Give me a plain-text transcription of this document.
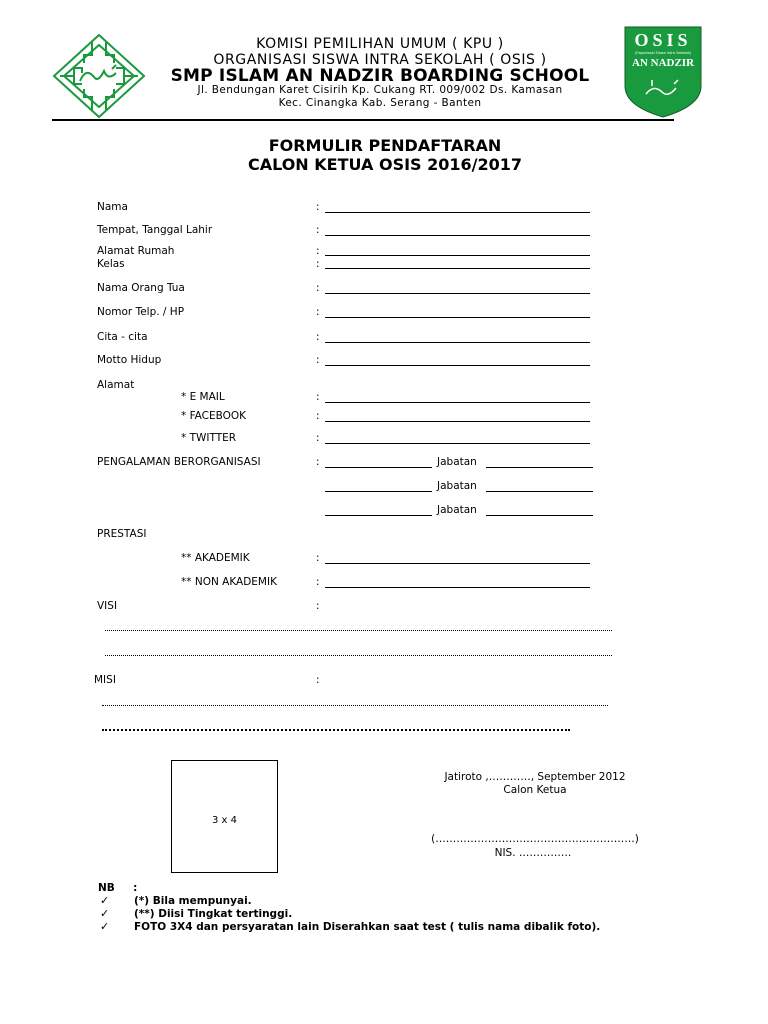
OSIS
(Organisasi Siswa Intra Sekolah)
AN NADZIR
KOMISI PEMILIHAN UMUM ( KPU )
ORGANISASI SISWA INTRA SEKOLAH ( OSIS )
SMP ISLAM AN NADZIR BOARDING SCHOOL
Jl. Bendungan Karet Cisirih Kp. Cukang RT. 009/002 Ds. Kamasan
Kec. Cinangka Kab. Serang - Banten
FORMULIR PENDAFTARAN
CALON KETUA OSIS 2016/2017
Nama	:
Tempat, Tanggal Lahir	:
Alamat Rumah	:
Kelas	:
Nama Orang Tua	:
Nomor Telp. / HP	:
Cita - cita	:
Motto Hidup	:
Alamat
* E MAIL	:
* FACEBOOK	:
* TWITTER	:
PENGALAMAN BERORGANISASI	:	Jabatan
Jabatan
Jabatan
PRESTASI
** AKADEMIK	:
** NON AKADEMIK	:
VISI	:
MISI	:
3 x 4
Jatiroto ,…………, September 2012
Calon Ketua
(…………………………………………………)
NIS. ……………
NB     :
✓ (*) Bila mempunyai.
✓ (**) Diisi Tingkat tertinggi.
✓ FOTO 3X4 dan persyaratan lain Diserahkan saat test ( tulis nama dibalik foto).
